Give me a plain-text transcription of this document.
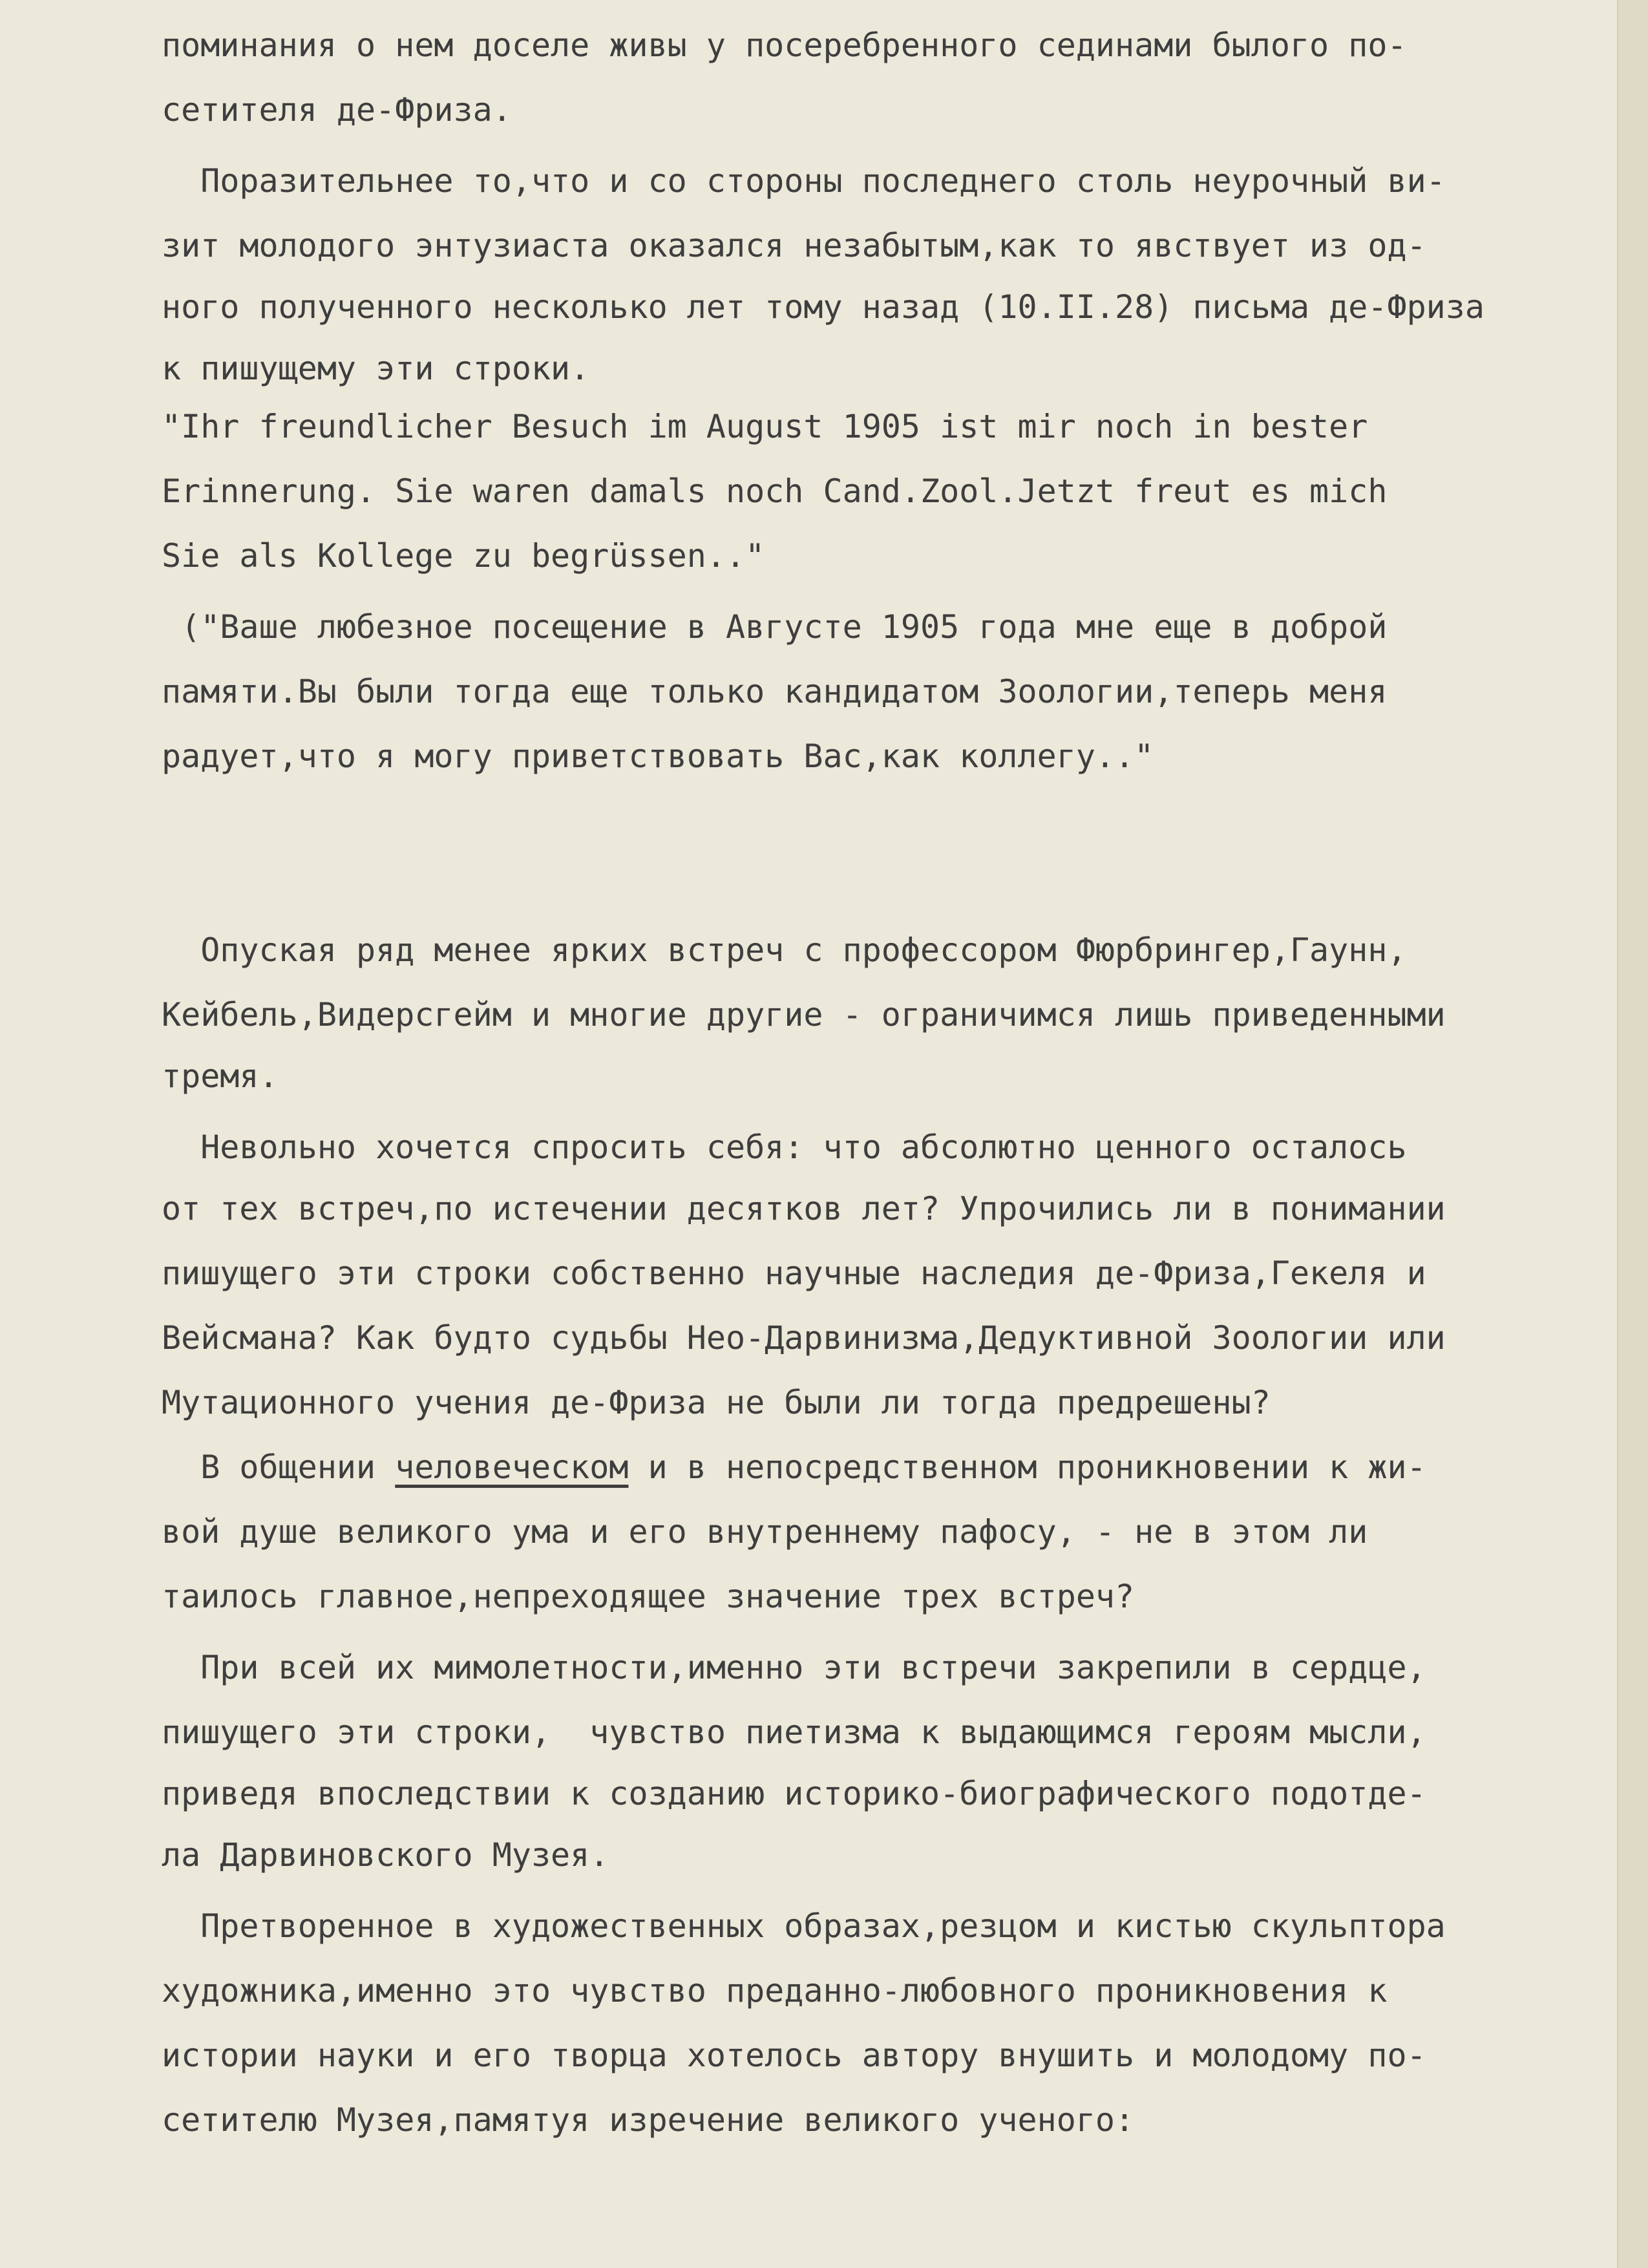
поминания о нем доселе живы у посеребренного сединами былого по-
сетителя де-Фриза.
Поразительнее то,что и со стороны последнего столь неурочный ви-
зит молодого энтузиаста оказался незабытым,как то явствует из од-
ного полученного несколько лет тому назад (10.II.28) письма де-Фриза
к пишущему эти строки.
"Ihr freundlicher Besuch im August 1905 ist mir noch in bester
Erinnerung. Sie waren damals noch Cand.Zool.Jetzt freut es mich
Sie als Kollege zu begrüssen.."
("Ваше любезное посещение в Августе 1905 года мне еще в доброй
памяти.Вы были тогда еще только кандидатом Зоологии,теперь меня
радует,что я могу приветствовать Вас,как коллегу.."
Опуская ряд менее ярких встреч с профессором Фюрбрингер,Гаунн,
Кейбель,Видерсгейм и многие другие - ограничимся лишь приведенными
тремя.
Невольно хочется спросить себя: что абсолютно ценного осталось
от тех встреч,по истечении десятков лет? Упрочились ли в понимании
пишущего эти строки собственно научные наследия де-Фриза,Гекеля и
Вейсмана? Как будто судьбы Нео-Дарвинизма,Дедуктивной Зоологии или
Мутационного учения де-Фриза не были ли тогда предрешены?
В общении человеческом и в непосредственном проникновении к жи-
вой душе великого ума и его внутреннему пафосу, - не в этом ли
таилось главное,непреходящее значение трех встреч?
При всей их мимолетности,именно эти встречи закрепили в сердце,
пишущего эти строки,  чувство пиетизма к выдающимся героям мысли,
приведя впоследствии к созданию историко-биографического подотде-
ла Дарвиновского Музея.
Претворенное в художественных образах,резцом и кистью скульптора
художника,именно это чувство преданно-любовного проникновения к
истории науки и его творца хотелось автору внушить и молодому по-
сетителю Музея,памятуя изречение великого ученого:
